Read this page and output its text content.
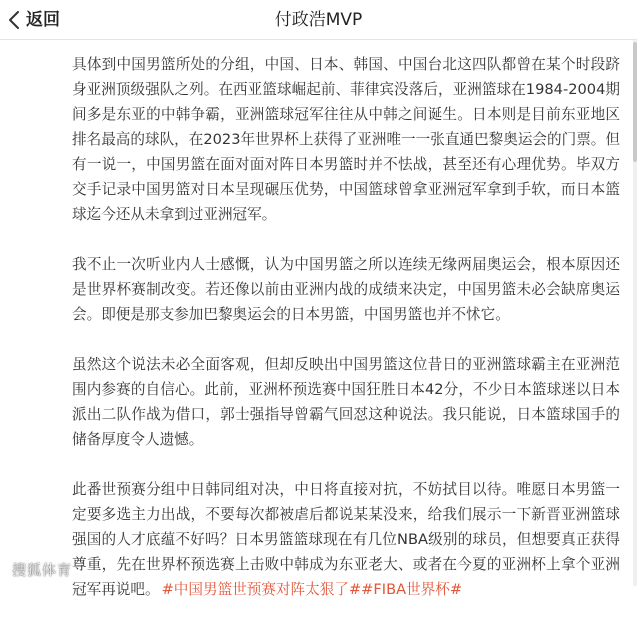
返回	付政浩MVP

具体到中国男篮所处的分组，中国、日本、韩国、中国台北这四队都曾在某个时段跻身亚洲顶级强队之列。在西亚篮球崛起前、菲律宾没落后，亚洲篮球在1984-2004期间多是东亚的中韩争霸，亚洲篮球冠军往往从中韩之间诞生。日本则是目前东亚地区排名最高的球队，在2023年世界杯上获得了亚洲唯一一张直通巴黎奥运会的门票。但有一说一，中国男篮在面对面对阵日本男篮时并不怯战，甚至还有心理优势。毕双方交手记录中国男篮对日本呈现碾压优势，中国篮球曾拿亚洲冠军拿到手软，而日本篮球迄今还从未拿到过亚洲冠军。

我不止一次听业内人士感慨，认为中国男篮之所以连续无缘两届奥运会，根本原因还是世界杯赛制改变。若还像以前由亚洲内战的成绩来决定，中国男篮未必会缺席奥运会。即便是那支参加巴黎奥运会的日本男篮，中国男篮也并不怵它。

虽然这个说法未必全面客观，但却反映出中国男篮这位昔日的亚洲篮球霸主在亚洲范围内参赛的自信心。此前，亚洲杯预选赛中国狂胜日本42分，不少日本篮球迷以日本派出二队作战为借口，郭士强指导曾霸气回怼这种说法。我只能说，日本篮球国手的储备厚度令人遗憾。

此番世预赛分组中日韩同组对决，中日将直接对抗，不妨拭目以待。唯愿日本男篮一定要多选主力出战，不要每次都被虐后都说某某没来，给我们展示一下新晋亚洲篮球强国的人才底蕴不好吗？日本男篮篮球现在有几位NBA级别的球员，但想要真正获得尊重，先在世界杯预选赛上击败中韩成为东亚老大、或者在今夏的亚洲杯上拿个亚洲冠军再说吧。 #中国男篮世预赛对阵太狠了##FIBA世界杯#

搜狐体育
